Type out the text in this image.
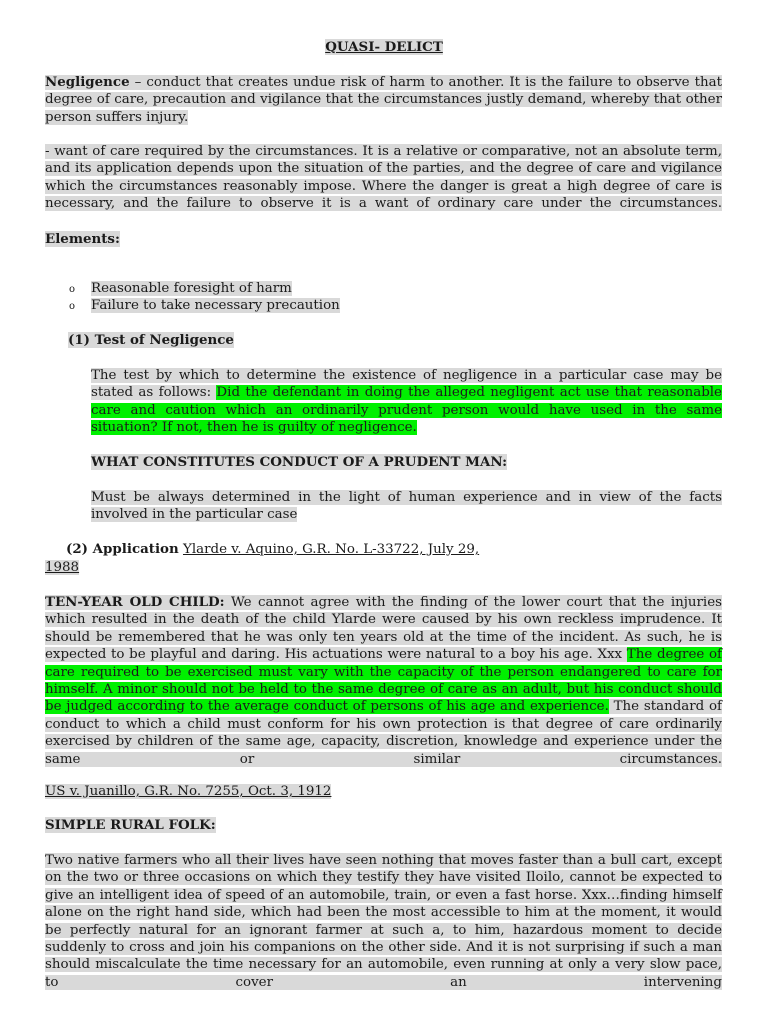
QUASI- DELICT

Negligence – conduct that creates undue risk of harm to another. It is the failure to observe that degree of care, precaution and vigilance that the circumstances justly demand, whereby that other person suffers injury.

- want of care required by the circumstances. It is a relative or comparative, not an absolute term, and its application depends upon the situation of the parties, and the degree of care and vigilance which the circumstances reasonably impose. Where the danger is great a high degree of care is necessary, and the failure to observe it is a want of ordinary care under the circumstances.

Elements:

o Reasonable foresight of harm
o Failure to take necessary precaution

(1) Test of Negligence

The test by which to determine the existence of negligence in a particular case may be stated as follows: Did the defendant in doing the alleged negligent act use that reasonable care and caution which an ordinarily prudent person would have used in the same situation? If not, then he is guilty of negligence.

WHAT CONSTITUTES CONDUCT OF A PRUDENT MAN:

Must be always determined in the light of human experience and in view of the facts involved in the particular case

(2) Application Ylarde v. Aquino, G.R. No. L-33722, July 29,

1988

TEN-YEAR OLD CHILD: We cannot agree with the finding of the lower court that the injuries which resulted in the death of the child Ylarde were caused by his own reckless imprudence. It should be remembered that he was only ten years old at the time of the incident. As such, he is expected to be playful and daring. His actuations were natural to a boy his age. Xxx The degree of care required to be exercised must vary with the capacity of the person endangered to care for himself. A minor should not be held to the same degree of care as an adult, but his conduct should be judged according to the average conduct of persons of his age and experience. The standard of conduct to which a child must conform for his own protection is that degree of care ordinarily exercised by children of the same age, capacity, discretion, knowledge and experience under the same or similar circumstances.

US v. Juanillo, G.R. No. 7255, Oct. 3, 1912

SIMPLE RURAL FOLK:

Two native farmers who all their lives have seen nothing that moves faster than a bull cart, except on the two or three occasions on which they testify they have visited Iloilo, cannot be expected to give an intelligent idea of speed of an automobile, train, or even a fast horse. Xxx…finding himself alone on the right hand side, which had been the most accessible to him at the moment, it would be perfectly natural for an ignorant farmer at such a, to him, hazardous moment to decide suddenly to cross and join his companions on the other side. And it is not surprising if such a man should miscalculate the time necessary for an automobile, even running at only a very slow pace, to cover an intervening
